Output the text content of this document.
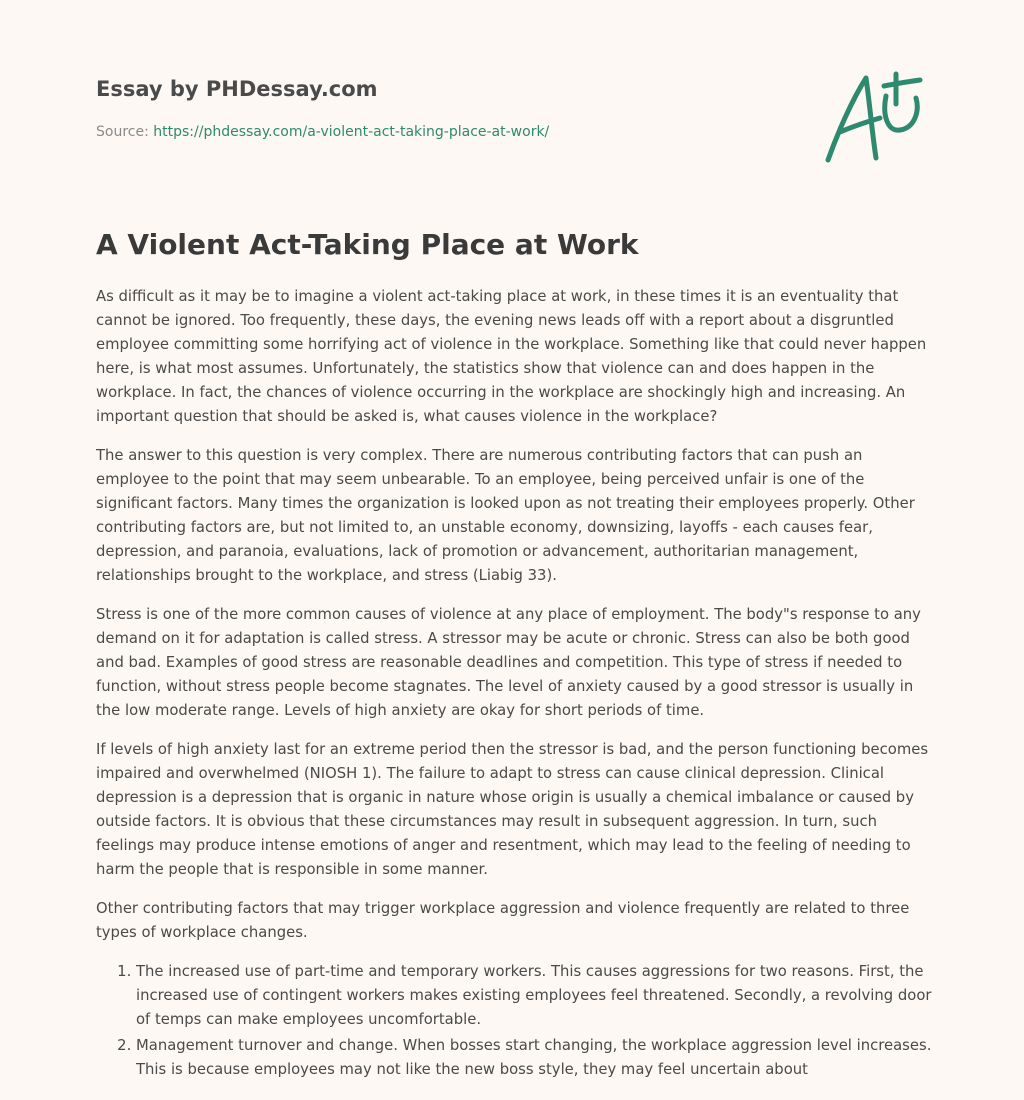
Essay by PHDessay.com
Source: https://phdessay.com/a-violent-act-taking-place-at-work/
A Violent Act-Taking Place at Work

As difficult as it may be to imagine a violent act-taking place at work, in these times it is an eventuality that cannot be ignored. Too frequently, these days, the evening news leads off with a report about a disgruntled employee committing some horrifying act of violence in the workplace. Something like that could never happen here, is what most assumes. Unfortunately, the statistics show that violence can and does happen in the workplace. In fact, the chances of violence occurring in the workplace are shockingly high and increasing. An important question that should be asked is, what causes violence in the workplace?

The answer to this question is very complex. There are numerous contributing factors that can push an employee to the point that may seem unbearable. To an employee, being perceived unfair is one of the significant factors. Many times the organization is looked upon as not treating their employees properly. Other contributing factors are, but not limited to, an unstable economy, downsizing, layoffs - each causes fear, depression, and paranoia, evaluations, lack of promotion or advancement, authoritarian management, relationships brought to the workplace, and stress (Liabig 33).

Stress is one of the more common causes of violence at any place of employment. The body"s response to any demand on it for adaptation is called stress. A stressor may be acute or chronic. Stress can also be both good and bad. Examples of good stress are reasonable deadlines and competition. This type of stress if needed to function, without stress people become stagnates. The level of anxiety caused by a good stressor is usually in the low moderate range. Levels of high anxiety are okay for short periods of time.

If levels of high anxiety last for an extreme period then the stressor is bad, and the person functioning becomes impaired and overwhelmed (NIOSH 1). The failure to adapt to stress can cause clinical depression. Clinical depression is a depression that is organic in nature whose origin is usually a chemical imbalance or caused by outside factors. It is obvious that these circumstances may result in subsequent aggression. In turn, such feelings may produce intense emotions of anger and resentment, which may lead to the feeling of needing to harm the people that is responsible in some manner.

Other contributing factors that may trigger workplace aggression and violence frequently are related to three types of workplace changes.

1. The increased use of part-time and temporary workers. This causes aggressions for two reasons. First, the increased use of contingent workers makes existing employees feel threatened. Secondly, a revolving door of temps can make employees uncomfortable.
2. Management turnover and change. When bosses start changing, the workplace aggression level increases. This is because employees may not like the new boss style, they may feel uncertain about
